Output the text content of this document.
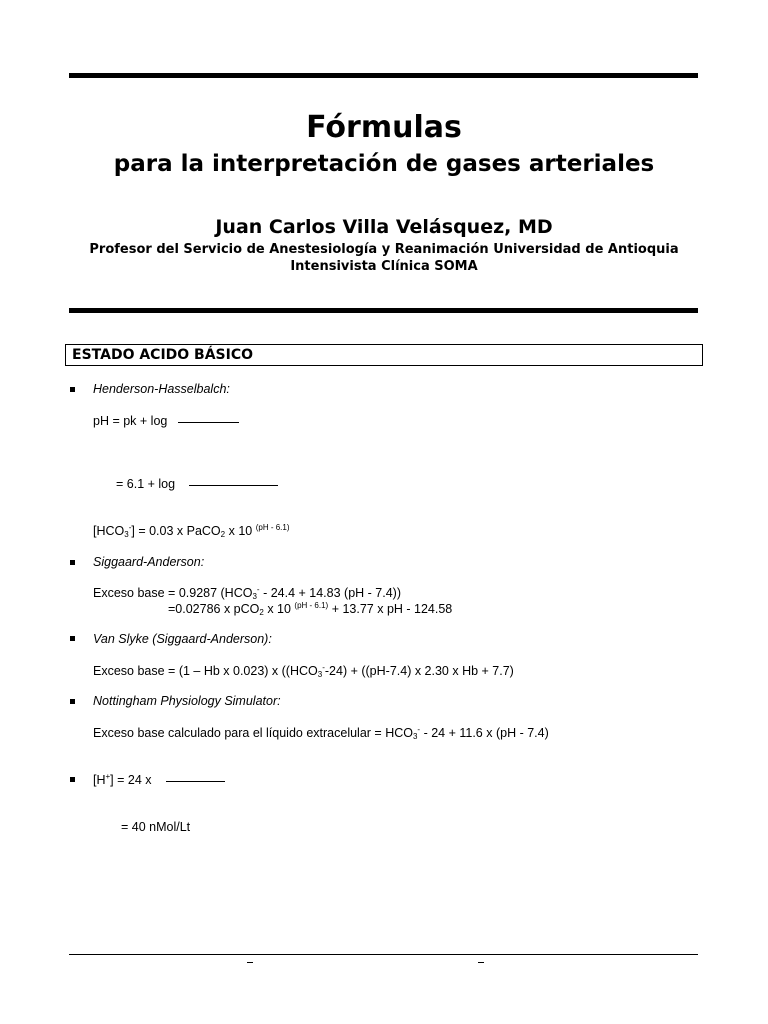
Fórmulas
para la interpretación de gases arteriales
Juan Carlos Villa Velásquez, MD
Profesor del Servicio de Anestesiología y Reanimación Universidad de Antioquia
Intensivista Clínica SOMA
ESTADO ACIDO BÁSICO
Henderson-Hasselbalch:
pH = pk + log
= 6.1 + log
$[HCO_3^-] = 0.03$ x PaCO$_2$ x 10 $^{(pH - 6.1)}$
Siggaard-Anderson:
Exceso base = 0.9287 ($HCO_3^- - 24.4 + 14.83$ (pH - 7.4))
=0.02786 x pCO$_2$ x 10 $^{(pH - 6.1)}$ + 13.77 x pH - 124.58
Van Slyke (Siggaard-Anderson):
Exceso base = (1 – Hb x 0.023) x ($(HCO_3^--24) + ((pH-7.4)$ x 2.30 x Hb + 7.7)
Nottingham Physiology Simulator:
Exceso base calculado para el líquido extracelular = $HCO_3^- - 24 + 11.6$ x (pH - 7.4)
[H+] = 24 x
= 40 nMol/Lt
